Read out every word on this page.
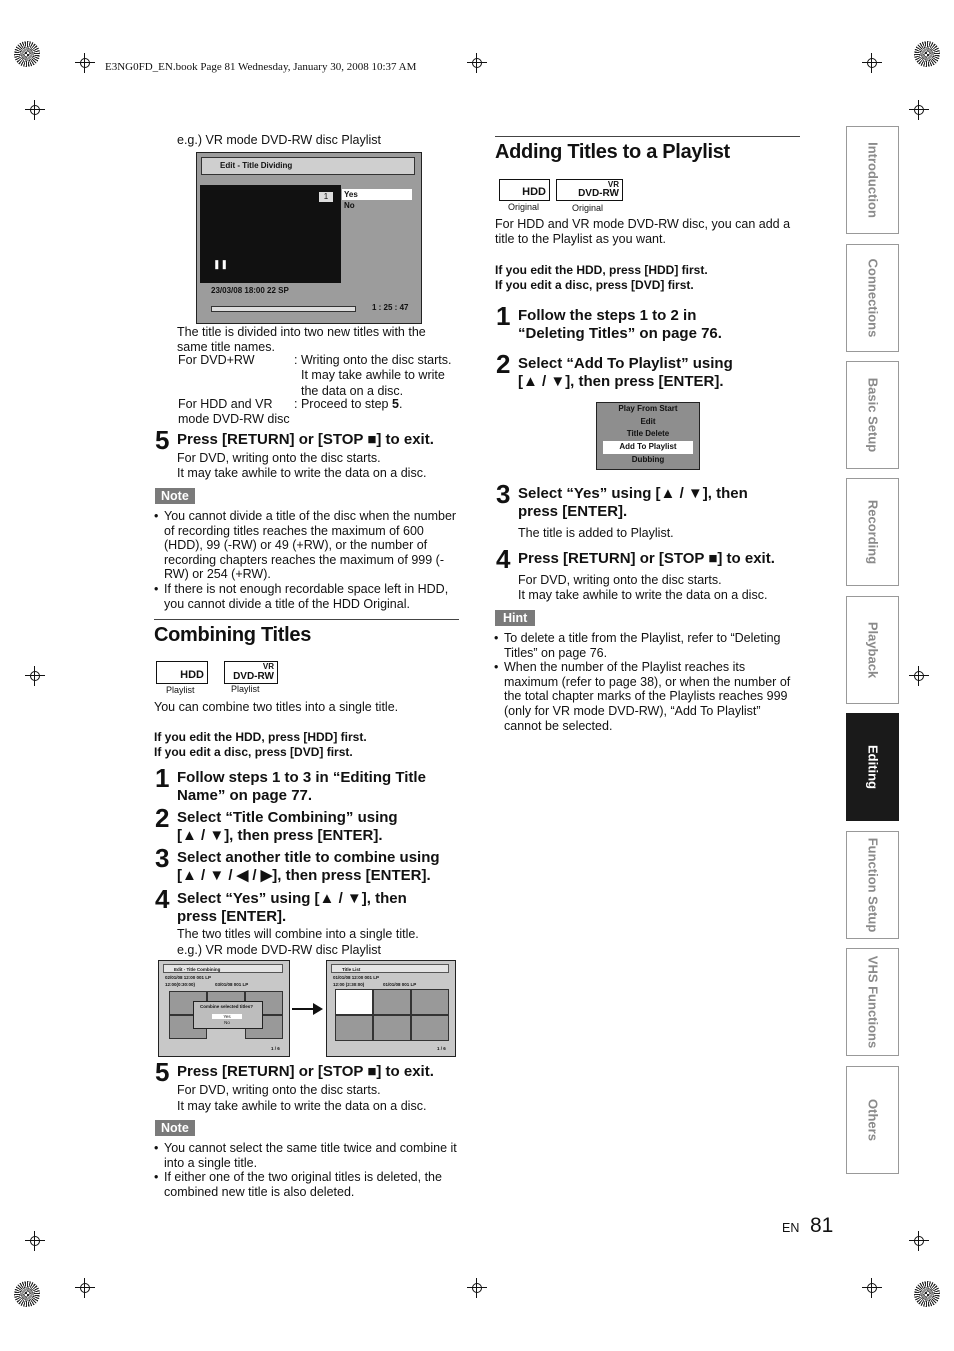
E3NG0FD_EN.book Page 81 Wednesday, January 30, 2008 10:37 AM
e.g.) VR mode DVD-RW disc Playlist
Edit - Title Dividing
1
❚❚
Yes
No
23/03/08 18:00 22 SP
1 : 25 : 47
The title is divided into two new titles with the
same title names.
For DVD+RW	: Writing onto the disc starts.
It may take awhile to write
the data on a disc.
For HDD and VR
mode DVD-RW disc
: Proceed to step 5.
5 Press [RETURN] or [STOP ■] to exit.
For DVD, writing onto the disc starts.
It may take awhile to write the data on a disc.
Note
• You cannot divide a title of the disc when the number of recording titles reaches the maximum of 600 (HDD), 99 (-RW) or 49 (+RW), or the number of recording chapters reaches the maximum of 999 (-RW) or 254 (+RW).
• If there is not enough recordable space left in HDD, you cannot divide a title of the HDD Original.
Combining Titles
HDD
VR
DVD-RW
Playlist	Playlist
You can combine two titles into a single title.
If you edit the HDD, press [HDD] first.
If you edit a disc, press [DVD] first.
1 Follow steps 1 to 3 in “Editing Title
Name” on page 77.
2 Select “Title Combining” using
[▲ / ▼], then press [ENTER].
3 Select another title to combine using
[▲ / ▼ / ◀ / ▶], then press [ENTER].
4 Select “Yes” using [▲ / ▼], then
press [ENTER].
The two titles will combine into a single title.
e.g.) VR mode DVD-RW disc Playlist
Edit - Title Combining
02/01/08 12:00 001 LP
12:00(0:30:00)	03/01/08 001 LP
Combine selected titles?
Yes
No
1 / 6
Title List
01/01/08 12:00 001 LP
12:00 (2:30:00)	01/01/08 001 LP
1 / 6
5 Press [RETURN] or [STOP ■] to exit.
For DVD, writing onto the disc starts.
It may take awhile to write the data on a disc.
Note
• You cannot select the same title twice and combine it into a single title.
• If either one of the two original titles is deleted, the combined new title is also deleted.
Adding Titles to a Playlist
HDD
VR
DVD-RW
Original	Original
For HDD and VR mode DVD-RW disc, you can add a
title to the Playlist as you want.
If you edit the HDD, press [HDD] first.
If you edit a disc, press [DVD] first.
1 Follow the steps 1 to 2 in
“Deleting Titles” on page 76.
2 Select “Add To Playlist” using
[▲ / ▼], then press [ENTER].
Play From Start
Edit
Title Delete
Add To Playlist
Dubbing
3 Select “Yes” using [▲ / ▼], then
press [ENTER].
The title is added to Playlist.
4 Press [RETURN] or [STOP ■] to exit.
For DVD, writing onto the disc starts.
It may take awhile to write the data on a disc.
Hint
• To delete a title from the Playlist, refer to “Deleting Titles” on page 76.
• When the number of the Playlist reaches its maximum (refer to page 38), or when the number of the total chapter marks of the Playlists reaches 999 (only for VR mode DVD-RW), “Add To Playlist” cannot be selected.
Introduction
Connections
Basic Setup
Recording
Playback
Editing
Function Setup
VHS Functions
Others
EN 81
